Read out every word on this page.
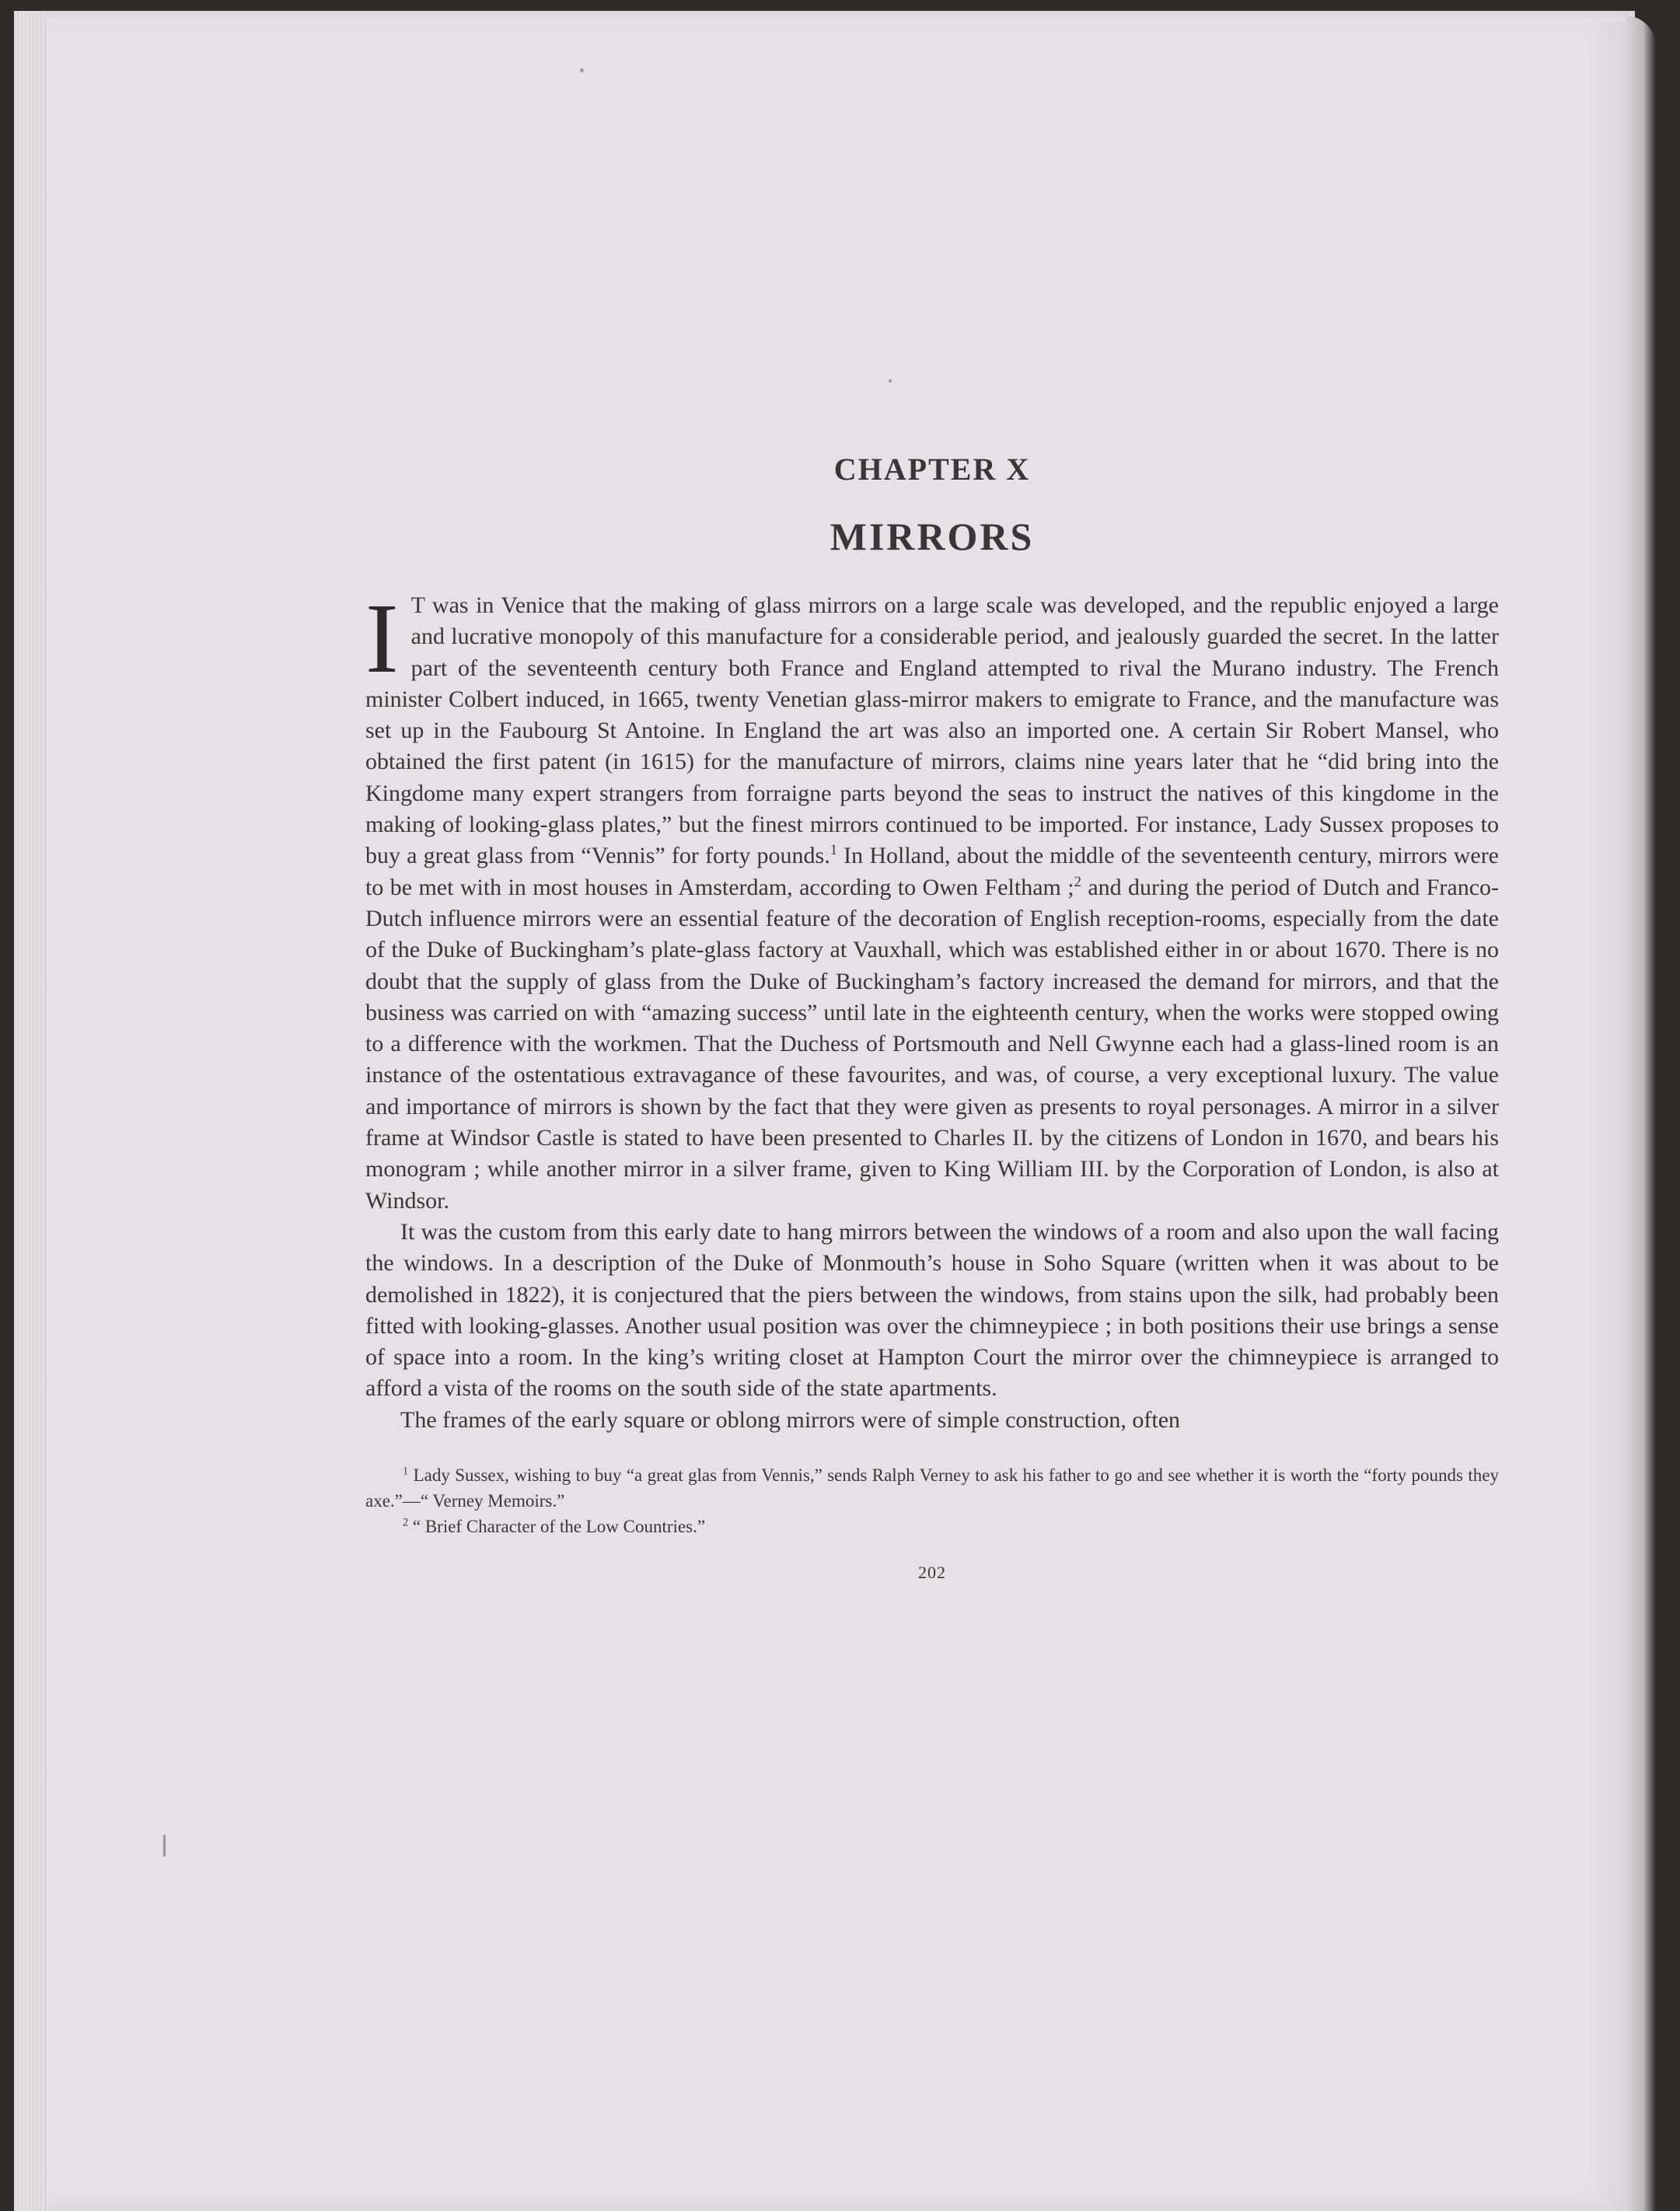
CHAPTER X
MIRRORS

I T was in Venice that the making of glass mirrors on a large scale was developed, and the republic enjoyed a large and lucrative monopoly of this manufacture for a considerable period, and jealously guarded the secret. In the latter part of the seventeenth century both France and England attempted to rival the Murano industry. The French minister Colbert induced, in 1665, twenty Venetian glass-mirror makers to emigrate to France, and the manufacture was set up in the Faubourg St Antoine. In England the art was also an imported one. A certain Sir Robert Mansel, who obtained the first patent (in 1615) for the manufacture of mirrors, claims nine years later that he “did bring into the Kingdome many expert strangers from forraigne parts beyond the seas to instruct the natives of this kingdome in the making of looking-glass plates,” but the finest mirrors continued to be imported. For instance, Lady Sussex proposes to buy a great glass from “Vennis” for forty pounds.$^1$ In Holland, about the middle of the seventeenth century, mirrors were to be met with in most houses in Amsterdam, according to Owen Feltham ;$^2$ and during the period of Dutch and Franco-Dutch influence mirrors were an essential feature of the decoration of English reception-rooms, especially from the date of the Duke of Buckingham’s plate-glass factory at Vauxhall, which was established either in or about 1670. There is no doubt that the supply of glass from the Duke of Buckingham’s factory increased the demand for mirrors, and that the business was carried on with “amazing success” until late in the eighteenth century, when the works were stopped owing to a difference with the workmen. That the Duchess of Portsmouth and Nell Gwynne each had a glass-lined room is an instance of the ostentatious extravagance of these favourites, and was, of course, a very exceptional luxury. The value and importance of mirrors is shown by the fact that they were given as presents to royal personages. A mirror in a silver frame at Windsor Castle is stated to have been presented to Charles II. by the citizens of London in 1670, and bears his monogram ; while another mirror in a silver frame, given to King William III. by the Corporation of London, is also at Windsor.

It was the custom from this early date to hang mirrors between the windows of a room and also upon the wall facing the windows. In a description of the Duke of Monmouth’s house in Soho Square (written when it was about to be demolished in 1822), it is conjectured that the piers between the windows, from stains upon the silk, had probably been fitted with looking-glasses. Another usual position was over the chimneypiece ; in both positions their use brings a sense of space into a room. In the king’s writing closet at Hampton Court the mirror over the chimneypiece is arranged to afford a vista of the rooms on the south side of the state apartments.

The frames of the early square or oblong mirrors were of simple construction, often

$^1$ Lady Sussex, wishing to buy “a great glas from Vennis,” sends Ralph Verney to ask his father to go and see whether it is worth the “forty pounds they axe.”—“ Verney Memoirs.”

$^2$ “ Brief Character of the Low Countries.”

202
